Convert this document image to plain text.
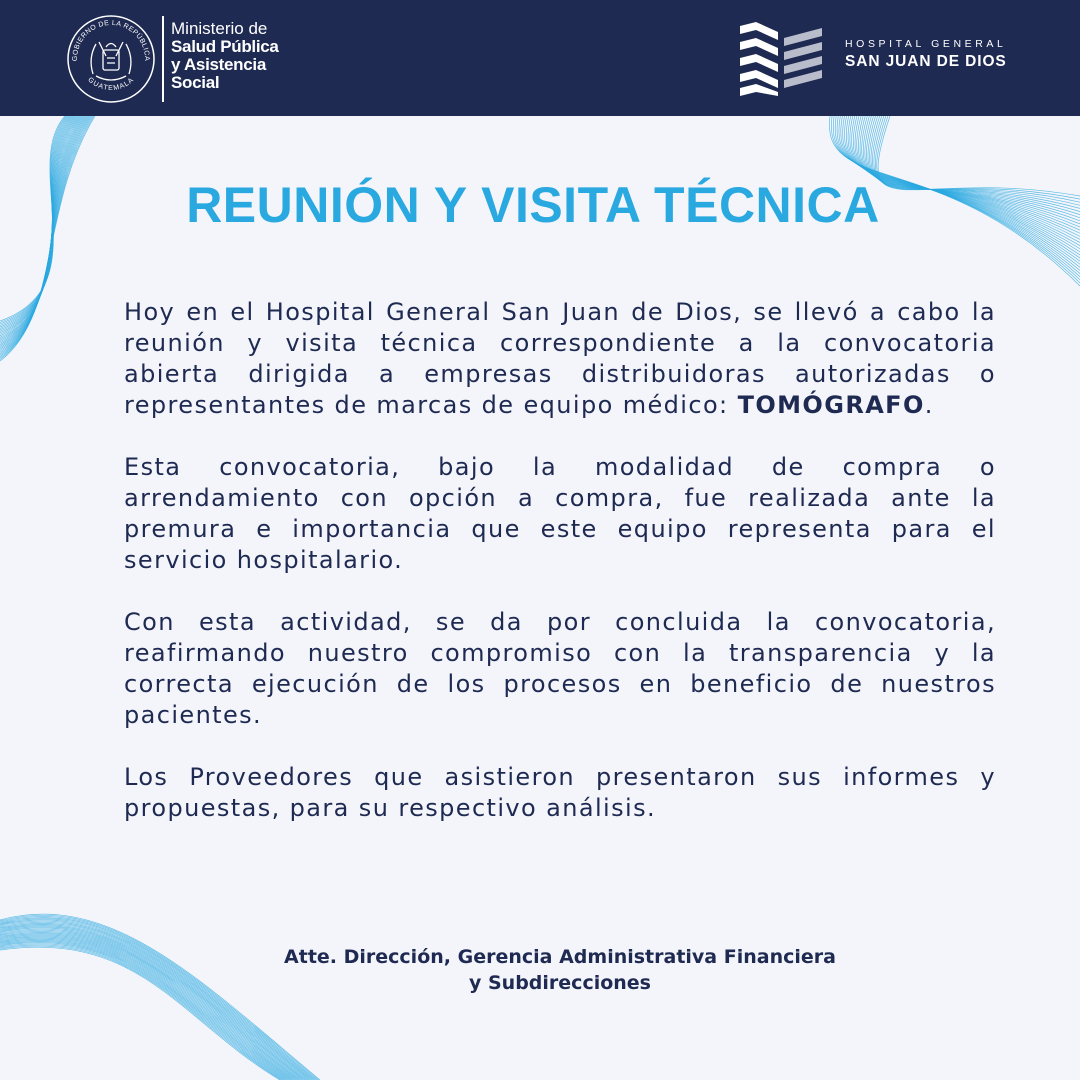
GOBIERNO DE LA REPÚBLICA
GUATEMALA
Ministerio de
Salud Pública
y Asistencia
Social
HOSPITAL GENERAL
SAN JUAN DE DIOS
REUNIÓN Y VISITA TÉCNICA

Hoy en el Hospital General San Juan de Dios, se llevó a cabo la reunión y visita técnica correspondiente a la convocatoria abierta dirigida a empresas distribuidoras autorizadas o representantes de marcas de equipo médico: TOMÓGRAFO.

Esta convocatoria, bajo la modalidad de compra o arrendamiento con opción a compra, fue realizada ante la premura e importancia que este equipo representa para el servicio hospitalario.

Con esta actividad, se da por concluida la convocatoria, reafirmando nuestro compromiso con la transparencia y la correcta ejecución de los procesos en beneficio de nuestros pacientes.

Los Proveedores que asistieron presentaron sus informes y propuestas, para su respectivo análisis.

Atte. Dirección, Gerencia Administrativa Financiera
y Subdirecciones
